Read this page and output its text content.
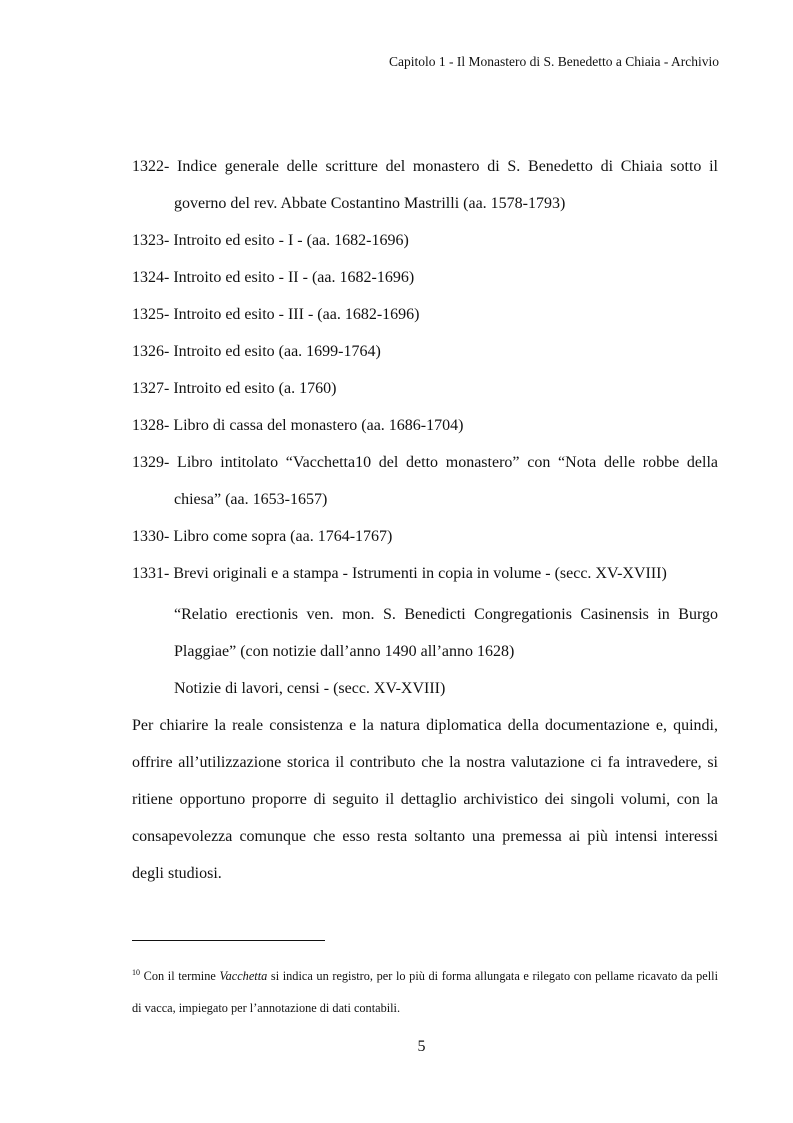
Capitolo 1 - Il Monastero di S. Benedetto a Chiaia - Archivio
1322- Indice generale delle scritture del monastero di S. Benedetto di Chiaia sotto il governo del rev. Abbate Costantino Mastrilli (aa. 1578-1793)
1323- Introito ed esito - I - (aa. 1682-1696)
1324- Introito ed esito - II - (aa. 1682-1696)
1325- Introito ed esito - III - (aa. 1682-1696)
1326- Introito ed esito (aa. 1699-1764)
1327- Introito ed esito (a. 1760)
1328- Libro di cassa del monastero (aa. 1686-1704)
1329- Libro intitolato “Vacchetta10 del detto monastero” con “Nota delle robbe della chiesa” (aa. 1653-1657)
1330- Libro come sopra (aa. 1764-1767)
1331- Brevi originali e a stampa - Istrumenti in copia in volume - (secc. XV-XVIII)
“Relatio erectionis ven. mon. S. Benedicti Congregationis Casinensis in Burgo Plaggiae” (con notizie dall’anno 1490 all’anno 1628)
Notizie di lavori, censi - (secc. XV-XVIII)
Per chiarire la reale consistenza e la natura diplomatica della documentazione e, quindi, offrire all’utilizzazione storica il contributo che la nostra valutazione ci fa intravedere, si ritiene opportuno proporre di seguito il dettaglio archivistico dei singoli volumi, con la consapevolezza comunque che esso resta soltanto una premessa ai più intensi interessi degli studiosi.
$^{10}$ Con il termine Vacchetta si indica un registro, per lo più di forma allungata e rilegato con pellame ricavato da pelli di vacca, impiegato per l’annotazione di dati contabili.
5
